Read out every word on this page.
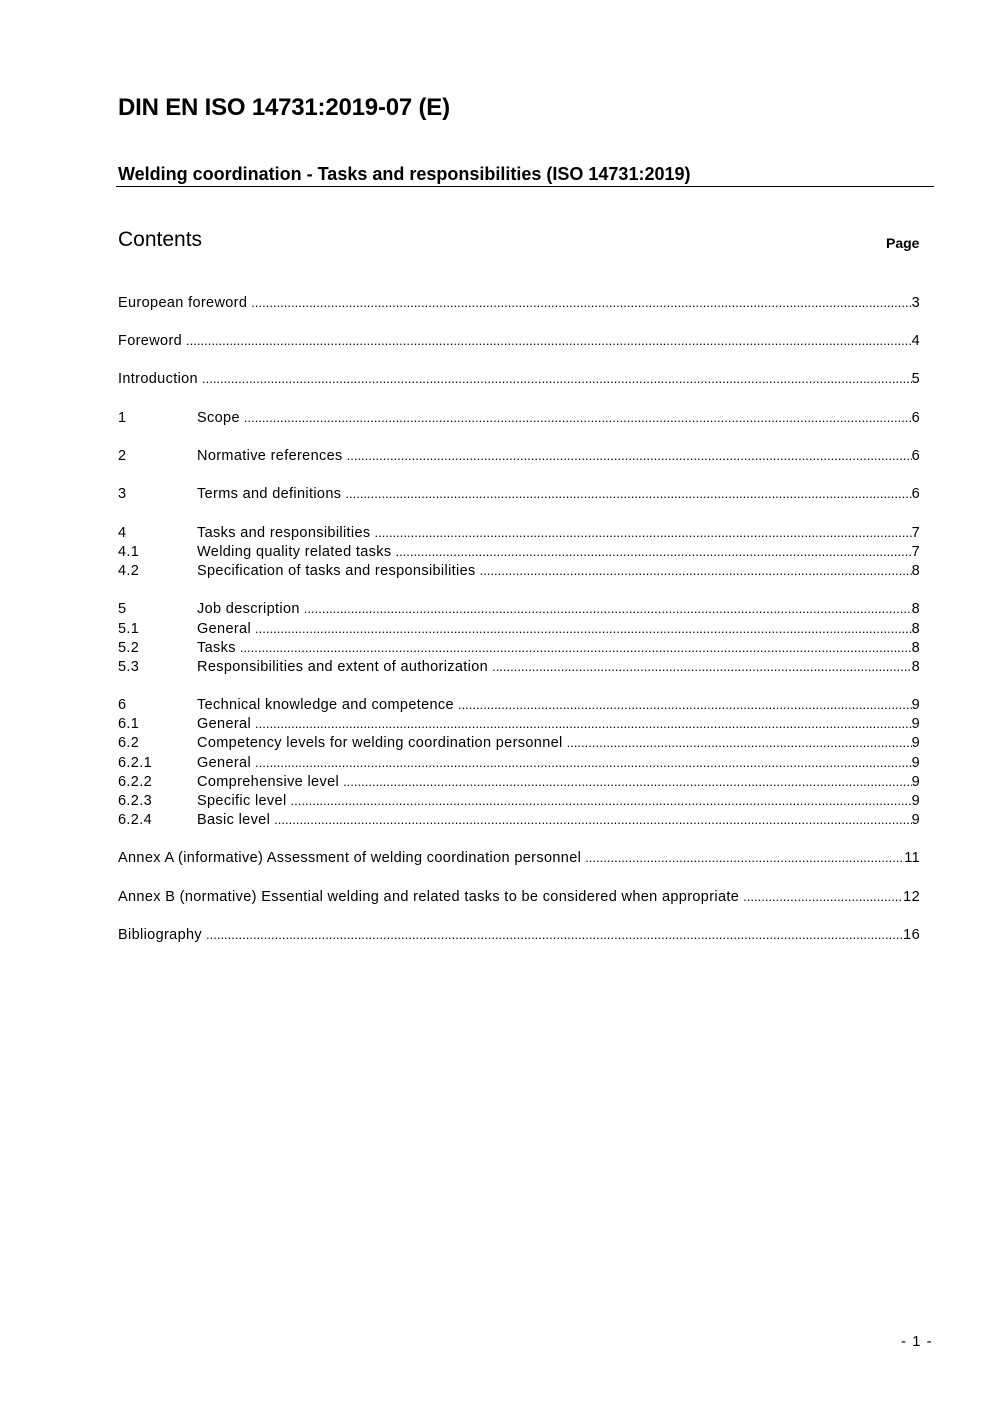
DIN EN ISO 14731:2019-07 (E)
Welding coordination - Tasks and responsibilities (ISO 14731:2019)
Contents	Page
European foreword .....	3
Foreword .....	4
Introduction .....	5
1	Scope .....	6
2	Normative references .....	6
3	Terms and definitions .....	6
4	Tasks and responsibilities .....	7
4.1	Welding quality related tasks .....	7
4.2	Specification of tasks and responsibilities .....	8
5	Job description .....	8
5.1	General .....	8
5.2	Tasks .....	8
5.3	Responsibilities and extent of authorization .....	8
6	Technical knowledge and competence .....	9
6.1	General .....	9
6.2	Competency levels for welding coordination personnel .....	9
6.2.1	General .....	9
6.2.2	Comprehensive level .....	9
6.2.3	Specific level .....	9
6.2.4	Basic level .....	9
Annex A (informative) Assessment of welding coordination personnel .....	11
Annex B (normative) Essential welding and related tasks to be considered when appropriate .....	12
Bibliography .....	16
- 1 -
